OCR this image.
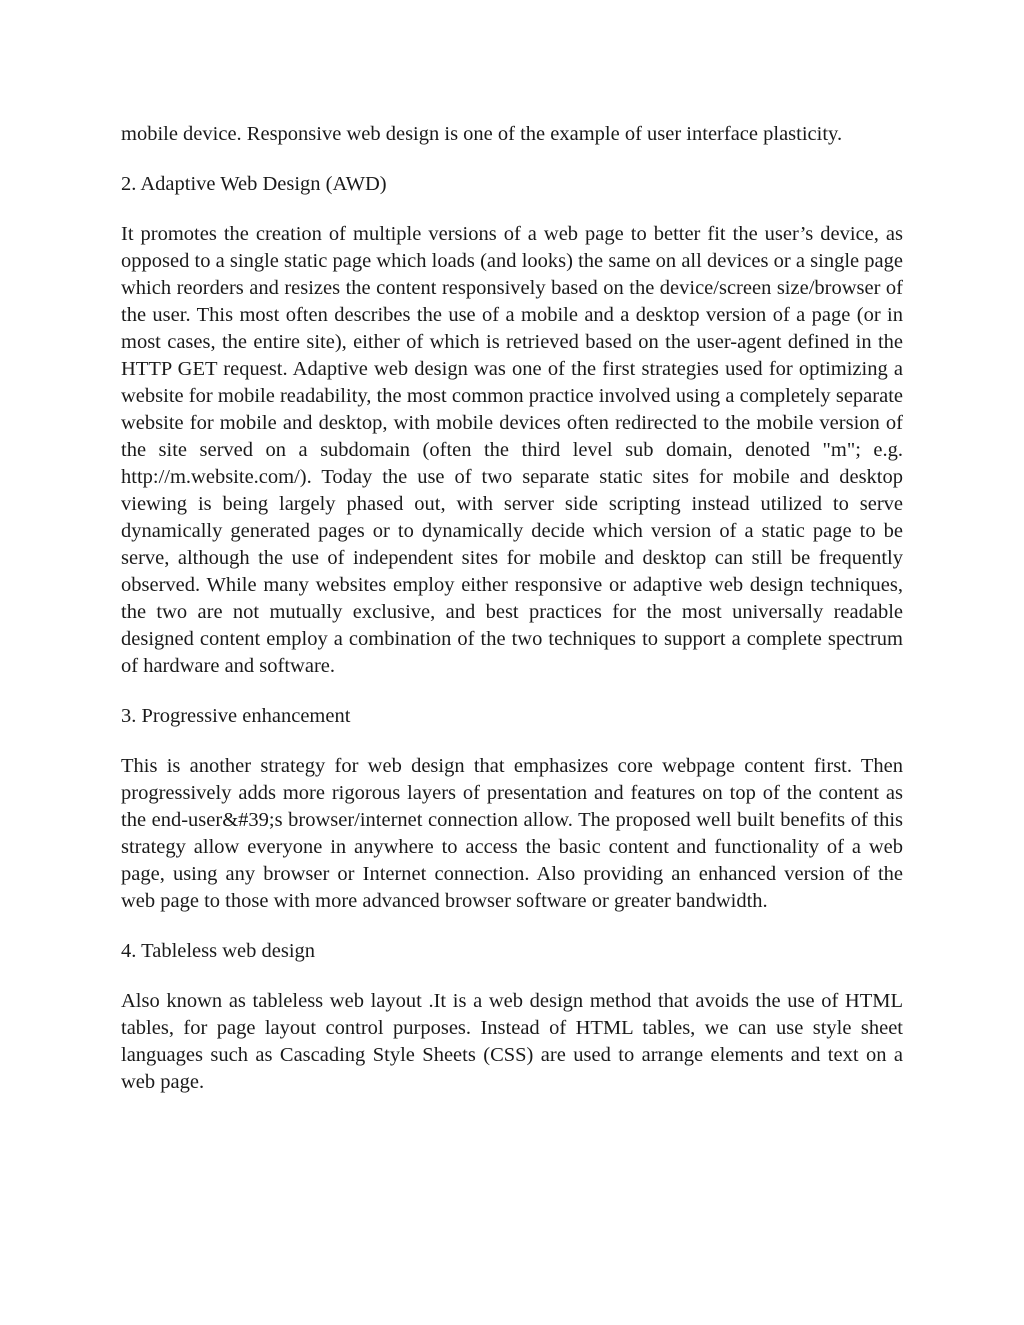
mobile device. Responsive web design is one of the example of user interface plasticity.

2. Adaptive Web Design (AWD)

It promotes the creation of multiple versions of a web page to better fit the user’s device, as opposed to a single static page which loads (and looks) the same on all devices or a single page which reorders and resizes the content responsively based on the device/screen size/browser of the user. This most often describes the use of a mobile and a desktop version of a page (or in most cases, the entire site), either of which is retrieved based on the user-agent defined in the HTTP GET request. Adaptive web design was one of the first strategies used for optimizing a website for mobile readability, the most common practice involved using a completely separate website for mobile and desktop, with mobile devices often redirected to the mobile version of the site served on a subdomain (often the third level sub domain, denoted "m"; e.g. http://m.website.com/). Today the use of two separate static sites for mobile and desktop viewing is being largely phased out, with server side scripting instead utilized to serve dynamically generated pages or to dynamically decide which version of a static page to be serve, although the use of independent sites for mobile and desktop can still be frequently observed. While many websites employ either responsive or adaptive web design techniques, the two are not mutually exclusive, and best practices for the most universally readable designed content employ a combination of the two techniques to support a complete spectrum of hardware and software.

3. Progressive enhancement

This is another strategy for web design that emphasizes core webpage content first. Then progressively adds more rigorous layers of presentation and features on top of the content as the end-user&#39;s browser/internet connection allow. The proposed well built benefits of this strategy allow everyone in anywhere to access the basic content and functionality of a web page, using any browser or Internet connection. Also providing an enhanced version of the web page to those with more advanced browser software or greater bandwidth.

4. Tableless web design

Also known as tableless web layout .It is a web design method that avoids the use of HTML tables, for page layout control purposes. Instead of HTML tables, we can use style sheet languages such as Cascading Style Sheets (CSS) are used to arrange elements and text on a web page.
